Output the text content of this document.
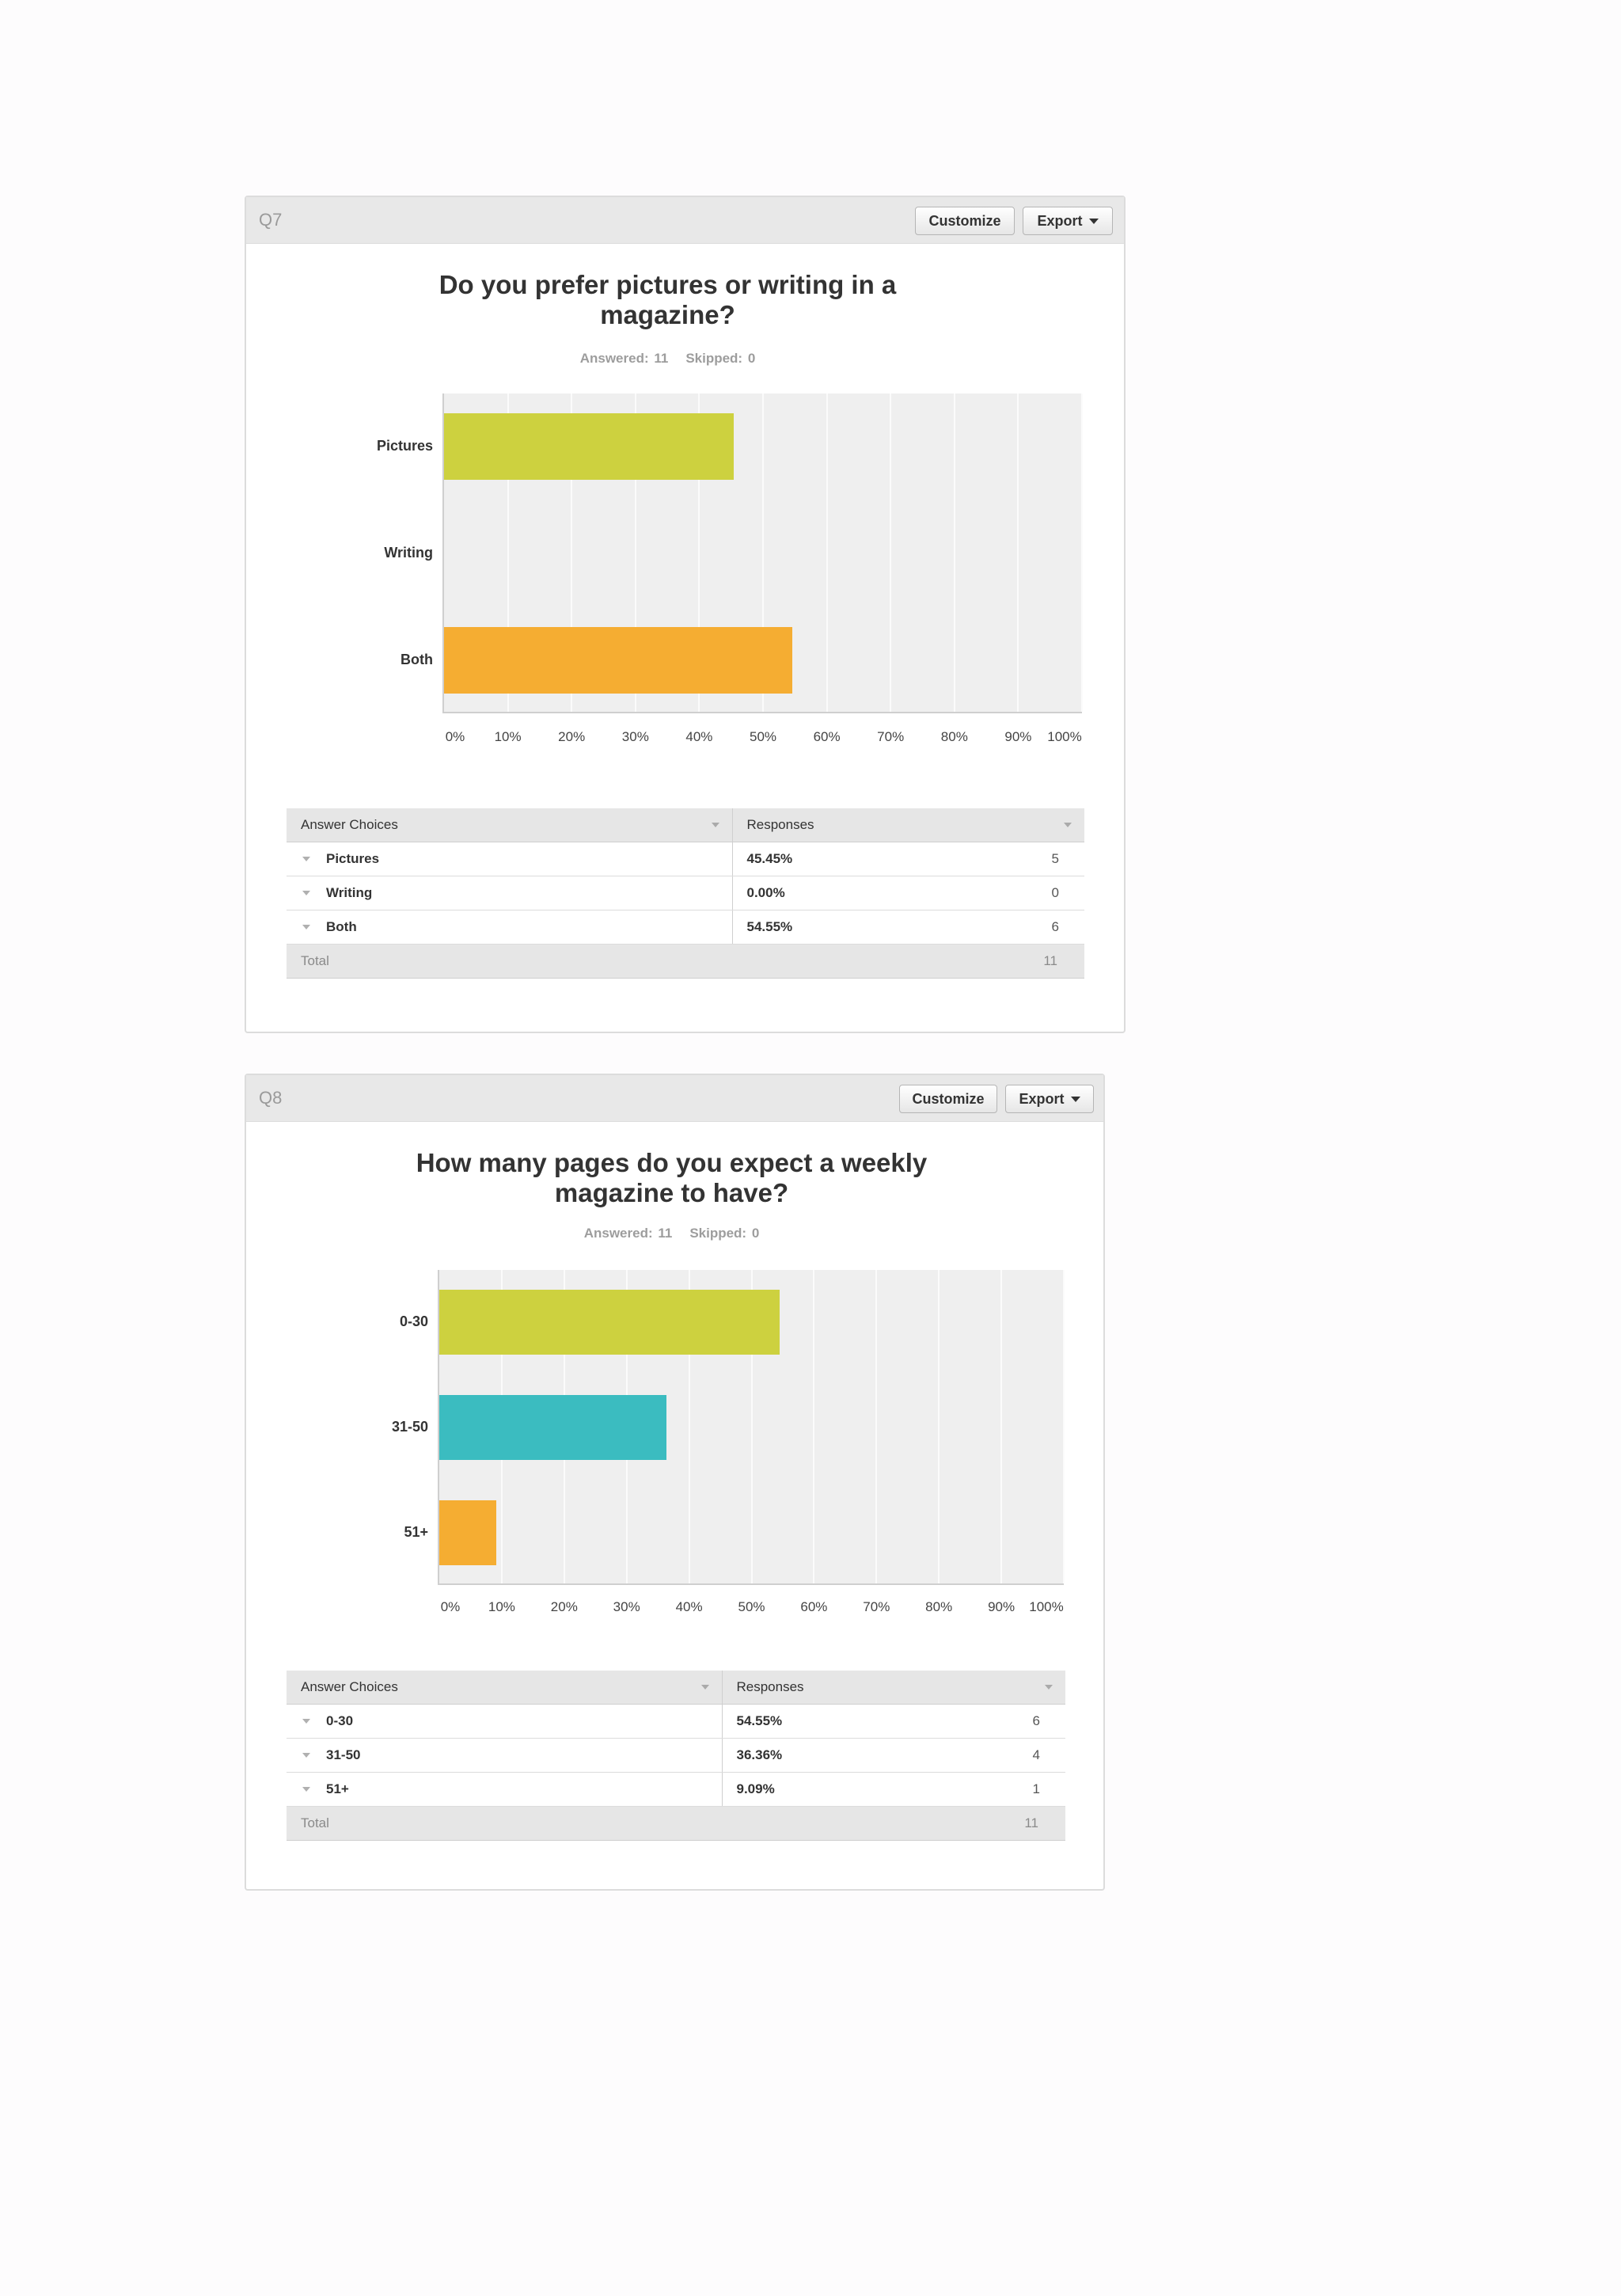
Q7	Customize	Export
Do you prefer pictures or writing in a
magazine?
Answered: 11 Skipped: 0
Answer Choices	Responses

Pictures	45.45% 5

Writing	0.00% 0

Both	54.55% 6

Total 11	
Pictures
Writing
Both
0% 10%	20%	30%	40%	50%	60%	70%	80%	90% 100%
Q8	Customize Export
How many pages do you expect a weekly
magazine to have?
Answered: 11 Skipped: 0
Answer Choices	Responses

0-30	54.55% 6

31-50	36.36% 4

51+	9.09% 1

Total 11	
0-30
31-50
51+
0% 10%	20%	30%	40%	50%	60%	70%	80%	90% 100%
